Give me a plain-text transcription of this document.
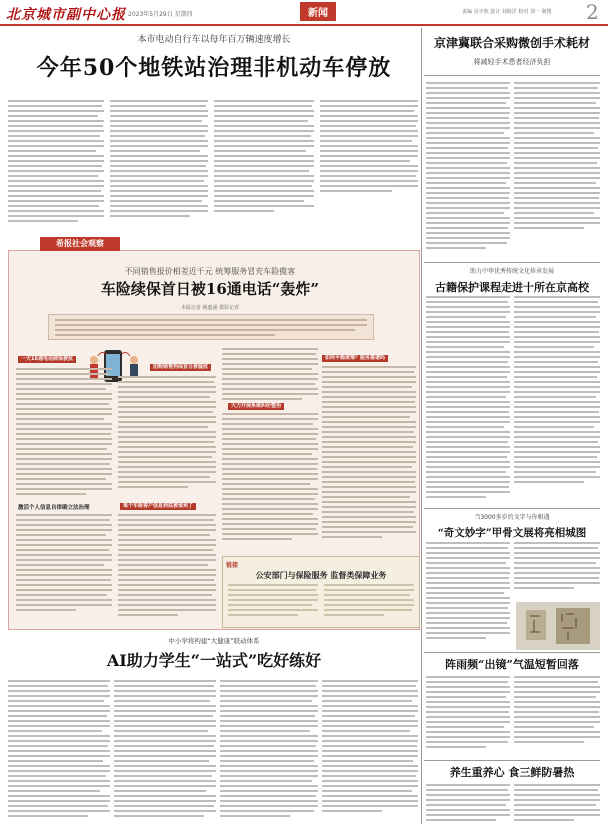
北京城市副中心报 2023年5月29日 星期四	新闻	责编 吴宇欣 设计 刘海洋 校对 刘一 制图 2
本市电动自行车以每年百万辆速度增长
今年50个地铁站治理非机动车停放
希报社会观察
不同销售报价相差近千元 统筹服务冒充车险揽客
车险续保首日被16通电话“轰炸”
本报记者 姚蕴涵 摄影记者
一天16通电话续保被扰
团购销售热线首日被骚扰
大力开展系统纠纷整治
每个车险客户信息到底被谁卖了
如何平衡统筹？服务靠谱吗
激活个人信息自律确立法治理
链接
公安部门与保险服务 监督类保障业务
中小学将构建“大健康”联动体系
AI助力学生“一站式”吃好练好
京津冀联合采购微创手术耗材
将减轻手术患者经济负担
助力中华优秀传统文化传承发展
古籍保护课程走进十所在京高校
当3000多岁的文字与你相遇
“奇文妙字”甲骨文展将亮相城图
阵雨频“出镜”气温短暂回落
养生重养心 食三鲜防暑热
